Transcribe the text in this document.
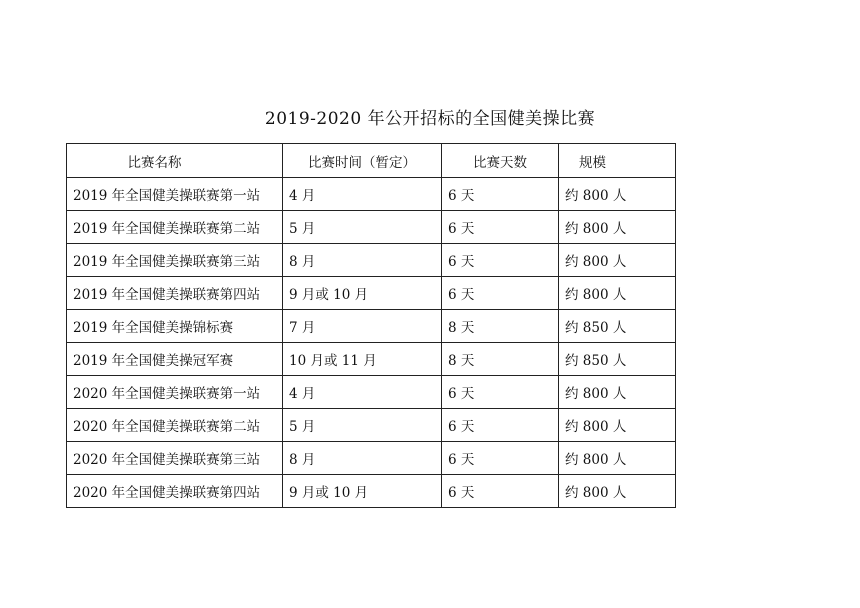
2019-2020 年公开招标的全国健美操比赛
比赛名称	比赛时间（暂定）	比赛天数	规模
2019 年全国健美操联赛第一站	4 月	6 天	约 800 人
2019 年全国健美操联赛第二站	5 月	6 天	约 800 人
2019 年全国健美操联赛第三站	8 月	6 天	约 800 人
2019 年全国健美操联赛第四站	9 月或 10 月	6 天	约 800 人
2019 年全国健美操锦标赛	7 月	8 天	约 850 人
2019 年全国健美操冠军赛	10 月或 11 月	8 天	约 850 人
2020 年全国健美操联赛第一站	4 月	6 天	约 800 人
2020 年全国健美操联赛第二站	5 月	6 天	约 800 人
2020 年全国健美操联赛第三站	8 月	6 天	约 800 人
2020 年全国健美操联赛第四站	9 月或 10 月	6 天	约 800 人
